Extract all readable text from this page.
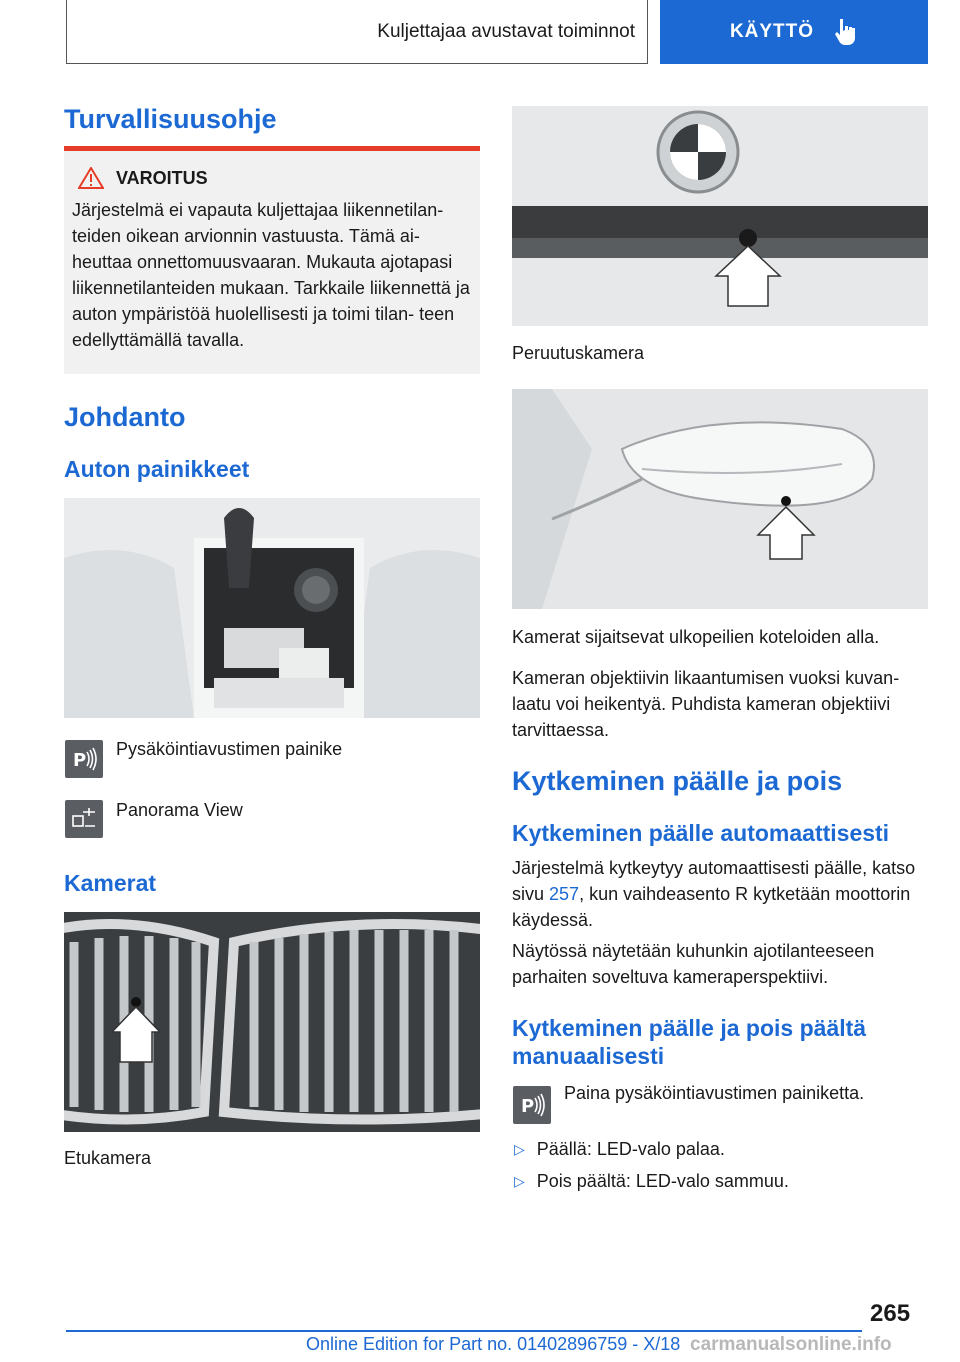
Kuljettajaa avustavat toiminnot	KÄYTTÖ
Turvallisuusohje
VAROITUS
Järjestelmä ei vapauta kuljettajaa liikennetilan- teiden oikean arvionnin vastuusta. Tämä ai- heuttaa onnettomuusvaaran. Mukauta ajotapasi liikennetilanteiden mukaan. Tarkkaile liikennettä ja auton ympäristöä huolellisesti ja toimi tilan- teen edellyttämällä tavalla.
Johdanto
Auton painikkeet
P

Pysäköintiavustimen painike

Panorama View

Kamerat

Etukamera

Peruutuskamera

Kamerat sijaitsevat ulkopeilien koteloiden alla.

Kameran objektiivin likaantumisen vuoksi kuvan- laatu voi heikentyä. Puhdista kameran objektiivi tarvittaessa.

Kytkeminen päälle ja pois
Kytkeminen päälle automaattisesti

Järjestelmä kytkeytyy automaattisesti päälle, katso sivu 257, kun vaihdeasento R kytketään moottorin käydessä.

Näytössä näytetään kuhunkin ajotilanteeseen parhaiten soveltuva kameraperspektiivi.

Kytkeminen päälle ja pois päältä manuaalisesti
P

Paina pysäköintiavustimen painiketta.

▷ Päällä: LED-valo palaa.
▷ Pois päältä: LED-valo sammuu.
265
Online Edition for Part no. 01402896759 - X/18 carmanualsonline.info
